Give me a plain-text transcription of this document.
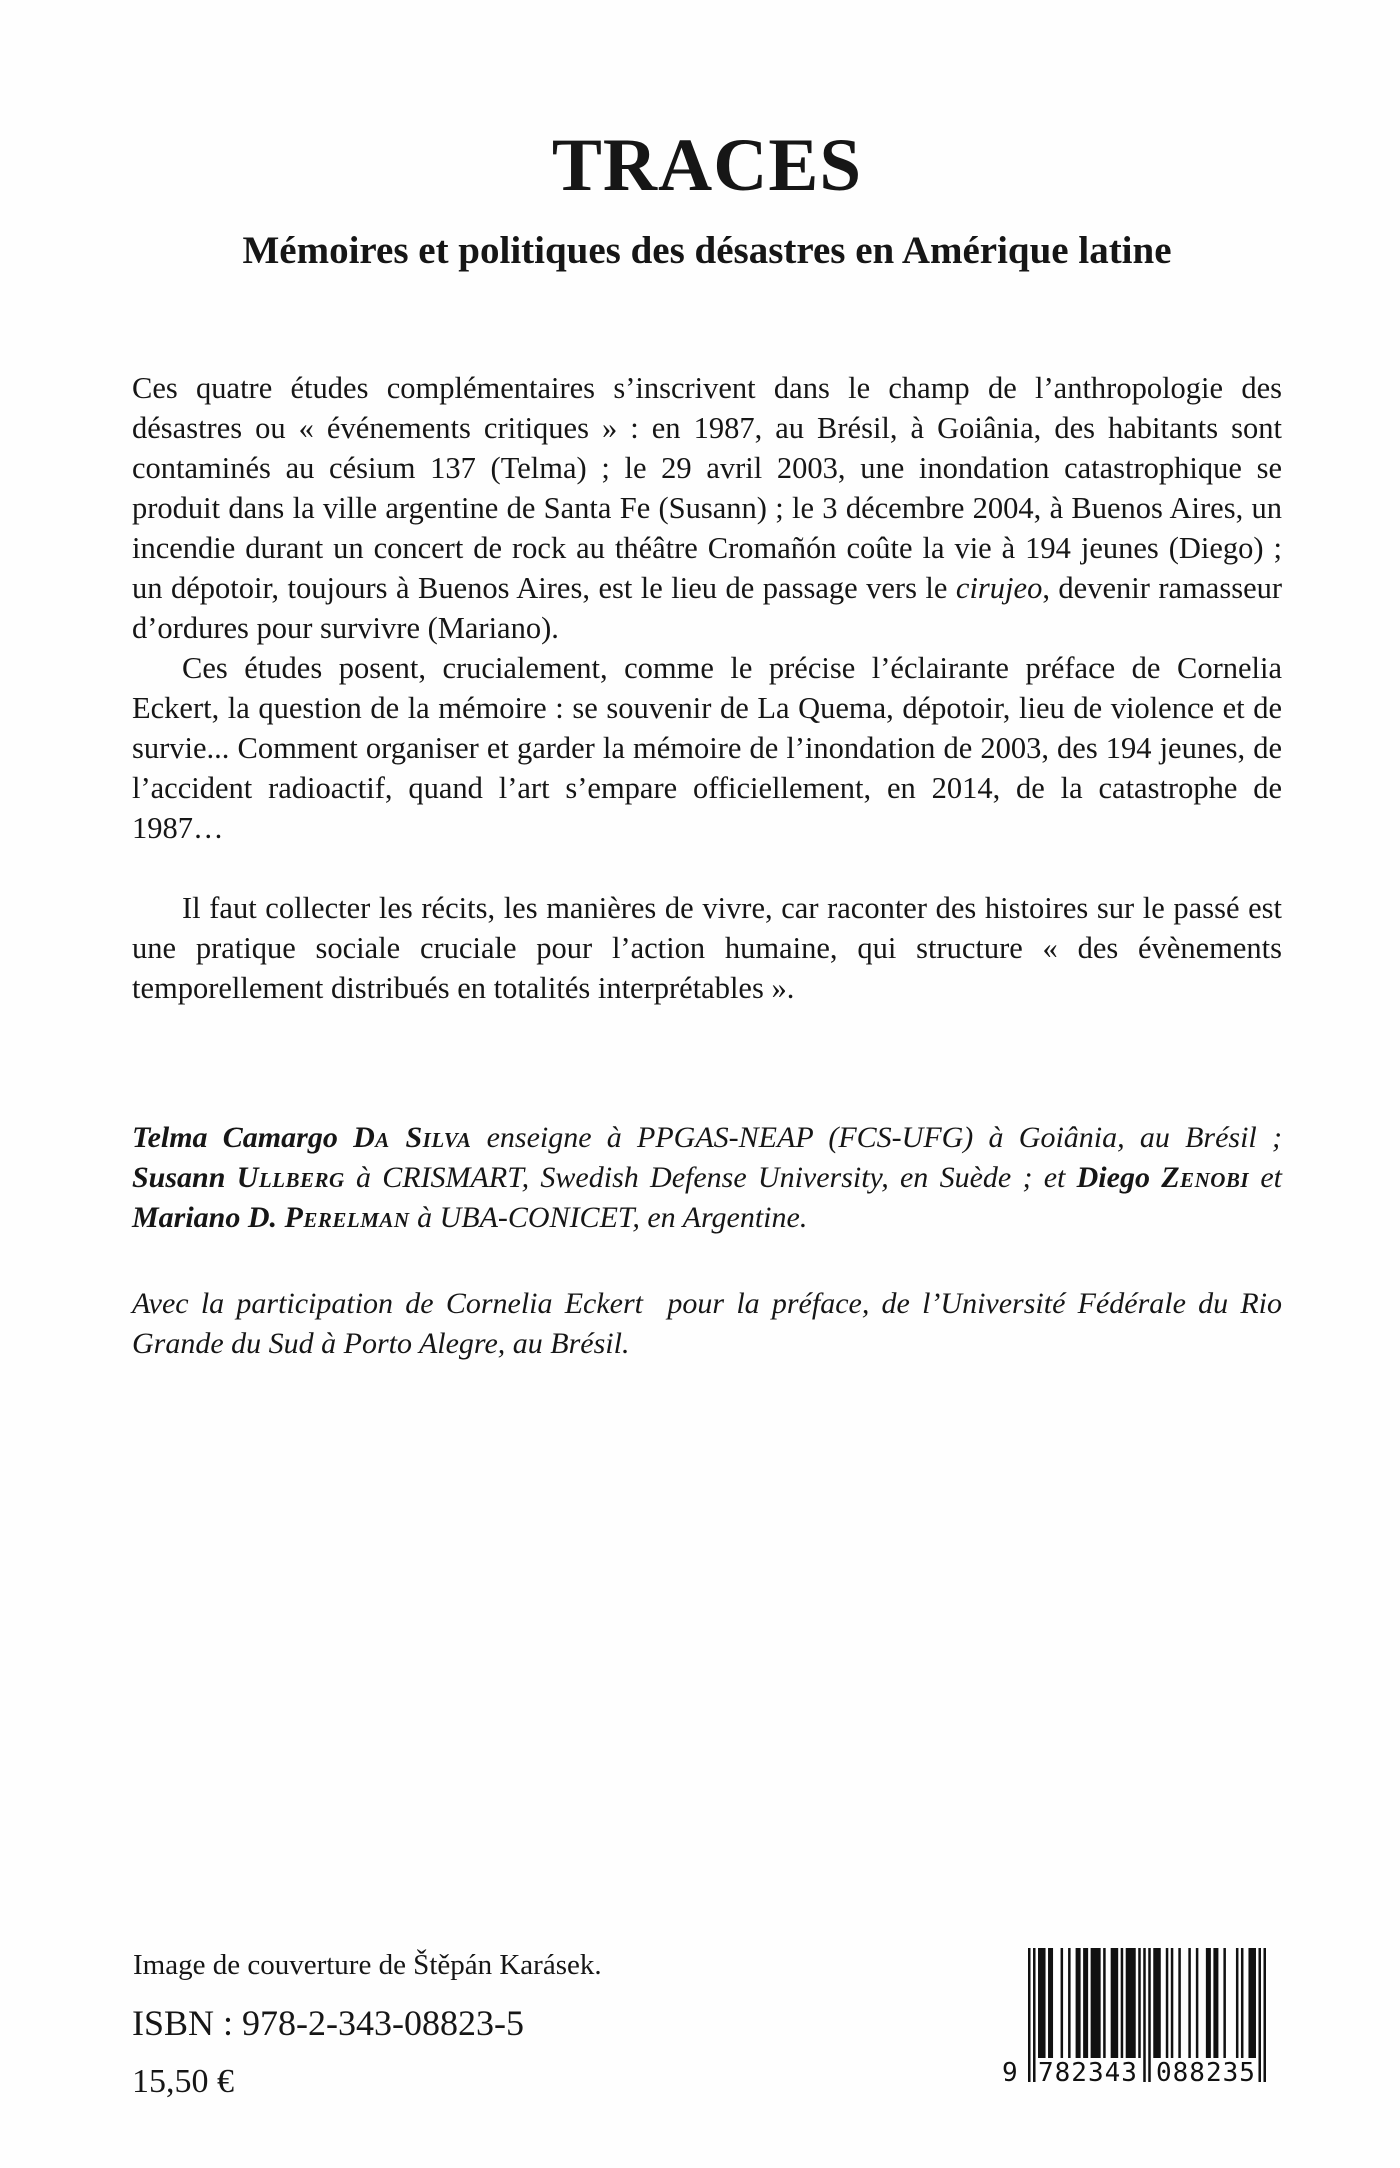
TRACES
Mémoires et politiques des désastres en Amérique latine

Ces quatre études complémentaires s’inscrivent dans le champ de l’anthropologie des désastres ou « événements critiques » : en 1987, au Brésil, à Goiânia, des habitants sont contaminés au césium 137 (Telma) ; le 29 avril 2003, une inondation catastrophique se produit dans la ville argentine de Santa Fe (Susann) ; le 3 décembre 2004, à Buenos Aires, un incendie durant un concert de rock au théâtre Cromañón coûte la vie à 194 jeunes (Diego) ; un dépotoir, toujours à Buenos Aires, est le lieu de passage vers le cirujeo, devenir ramasseur d’ordures pour survivre (Mariano).

Ces études posent, crucialement, comme le précise l’éclairante préface de Cornelia Eckert, la question de la mémoire : se souvenir de La Quema, dépotoir, lieu de violence et de survie... Comment organiser et garder la mémoire de l’inondation de 2003, des 194 jeunes, de l’accident radioactif, quand l’art s’empare officiellement, en 2014, de la catastrophe de 1987…

Il faut collecter les récits, les manières de vivre, car raconter des histoires sur le passé est une pratique sociale cruciale pour l’action humaine, qui structure « des évènements temporellement distribués en totalités interprétables ».

Telma Camargo Da Silva enseigne à PPGAS-NEAP (FCS-UFG) à Goiânia, au Brésil ; Susann Ullberg à CRISMART, Swedish Defense University, en Suède ; et Diego Zenobi et Mariano D. Perelman à UBA-CONICET, en Argentine.

Avec la participation de Cornelia Eckert  pour la préface, de l’Université Fédérale du Rio Grande du Sud à Porto Alegre, au Brésil.

Image de couverture de Štěpán Karásek.
ISBN : 978-2-343-08823-5
15,50 €	9 782343 088235
